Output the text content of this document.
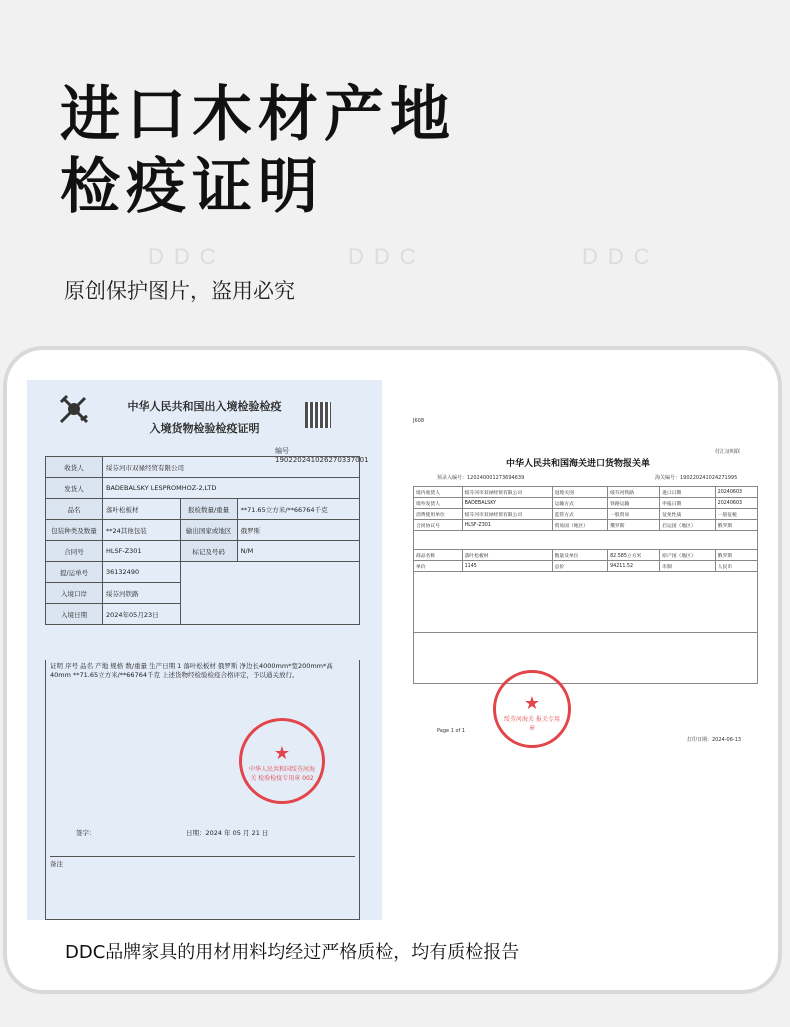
进口木材产地
检疫证明
DDC	DDC	DDC
原创保护图片，盗用必究
中华人民共和国出入境检验检疫
入境货物检验检疫证明
编号 190220241026270337001
收货人	绥芬河市双禄经贸有限公司		
发货人	BADEBALSKY LESPROMHOZ-2,LTD		
品名	落叶松板材	报检数量/重量	**71.65立方米/**66764千克
包装种类及数量	**24其他包装	输出国家或地区	俄罗斯
合同号	HLSF-Z301	标记及号码	N/M
提/运单号	36132490		
入境口岸	绥芬河铁路		
入境日期	2024年05月23日		
证明 序号 品名 产地 规格 数/重量 生产日期 1 落叶松板材 俄罗斯 净边长4000mm*宽200mm*高40mm **71.65立方米/**66764千克 上述货物经检验检疫合格评定，予以通关放行。
签字：	日期：2024 年 05 月 21 日
备注
★
中华人民共和国绥芬河海关 检验检疫专用章 002
J608
付汇证明联
中华人民共和国海关进口货物报关单
预录入编号：120240001273694639	海关编号：190220241024271995
境内收货人	绥芬河市双禄经贸有限公司	进境关别	绥芬河铁路	进口日期	20240603
境外发货人	BADEBALSKY	运输方式	铁路运输	申报日期	20240603
消费使用单位	绥芬河市双禄经贸有限公司	监管方式	一般贸易	征免性质	一般征税
合同协议号	HLSF-Z301	贸易国（地区）	俄罗斯	启运国（地区）	俄罗斯

商品名称	落叶松板材	数量及单位	82.585立方米	原产国（地区）	俄罗斯
单价	1145	总价	94211.52	币制	人民币

Page 1 of 1
打印日期：2024-06-13
★
绥芬河海关 报关专用章
DDC品牌家具的用材用料均经过严格质检，均有质检报告
